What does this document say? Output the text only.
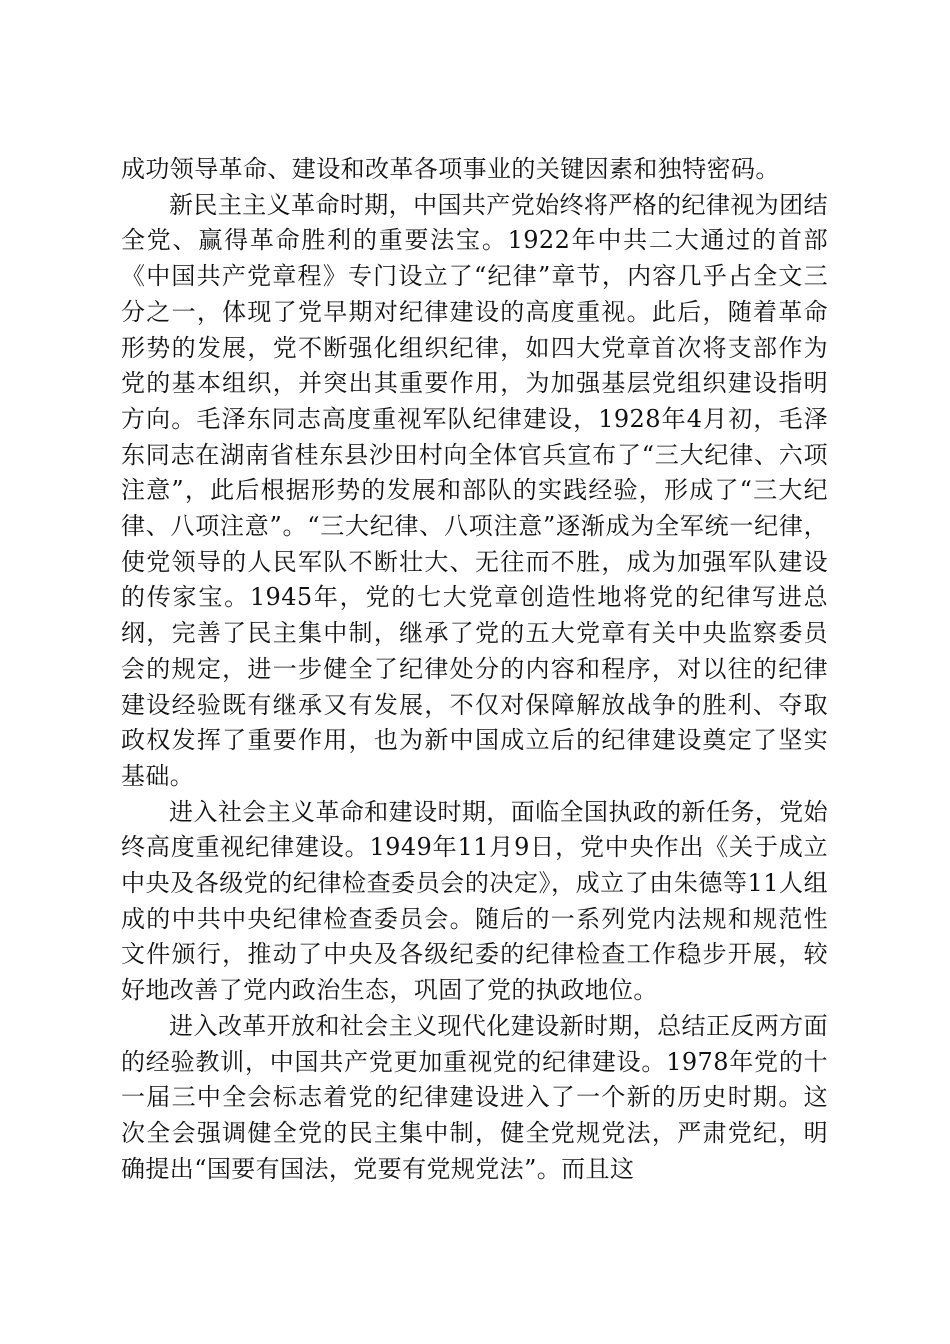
成功领导革命、建设和改革各项事业的关键因素和独特密码。

新民主主义革命时期，中国共产党始终将严格的纪律视为团结全党、赢得革命胜利的重要法宝。1922年中共二大通过的首部《中国共产党章程》专门设立了“纪律”章节，内容几乎占全文三分之一，体现了党早期对纪律建设的高度重视。此后，随着革命形势的发展，党不断强化组织纪律，如四大党章首次将支部作为党的基本组织，并突出其重要作用，为加强基层党组织建设指明方向。毛泽东同志高度重视军队纪律建设，1928年4月初，毛泽东同志在湖南省桂东县沙田村向全体官兵宣布了“三大纪律、六项注意”，此后根据形势的发展和部队的实践经验，形成了“三大纪律、八项注意”。“三大纪律、八项注意”逐渐成为全军统一纪律，使党领导的人民军队不断壮大、无往而不胜，成为加强军队建设的传家宝。1945年，党的七大党章创造性地将党的纪律写进总纲，完善了民主集中制，继承了党的五大党章有关中央监察委员会的规定，进一步健全了纪律处分的内容和程序，对以往的纪律建设经验既有继承又有发展，不仅对保障解放战争的胜利、夺取政权发挥了重要作用，也为新中国成立后的纪律建设奠定了坚实基础。

进入社会主义革命和建设时期，面临全国执政的新任务，党始终高度重视纪律建设。1949年11月9日，党中央作出《关于成立中央及各级党的纪律检查委员会的决定》，成立了由朱德等11人组成的中共中央纪律检查委员会。随后的一系列党内法规和规范性文件颁行，推动了中央及各级纪委的纪律检查工作稳步开展，较好地改善了党内政治生态，巩固了党的执政地位。

进入改革开放和社会主义现代化建设新时期，总结正反两方面的经验教训，中国共产党更加重视党的纪律建设。1978年党的十一届三中全会标志着党的纪律建设进入了一个新的历史时期。这次全会强调健全党的民主集中制，健全党规党法，严肃党纪，明确提出“国要有国法，党要有党规党法”。而且这
